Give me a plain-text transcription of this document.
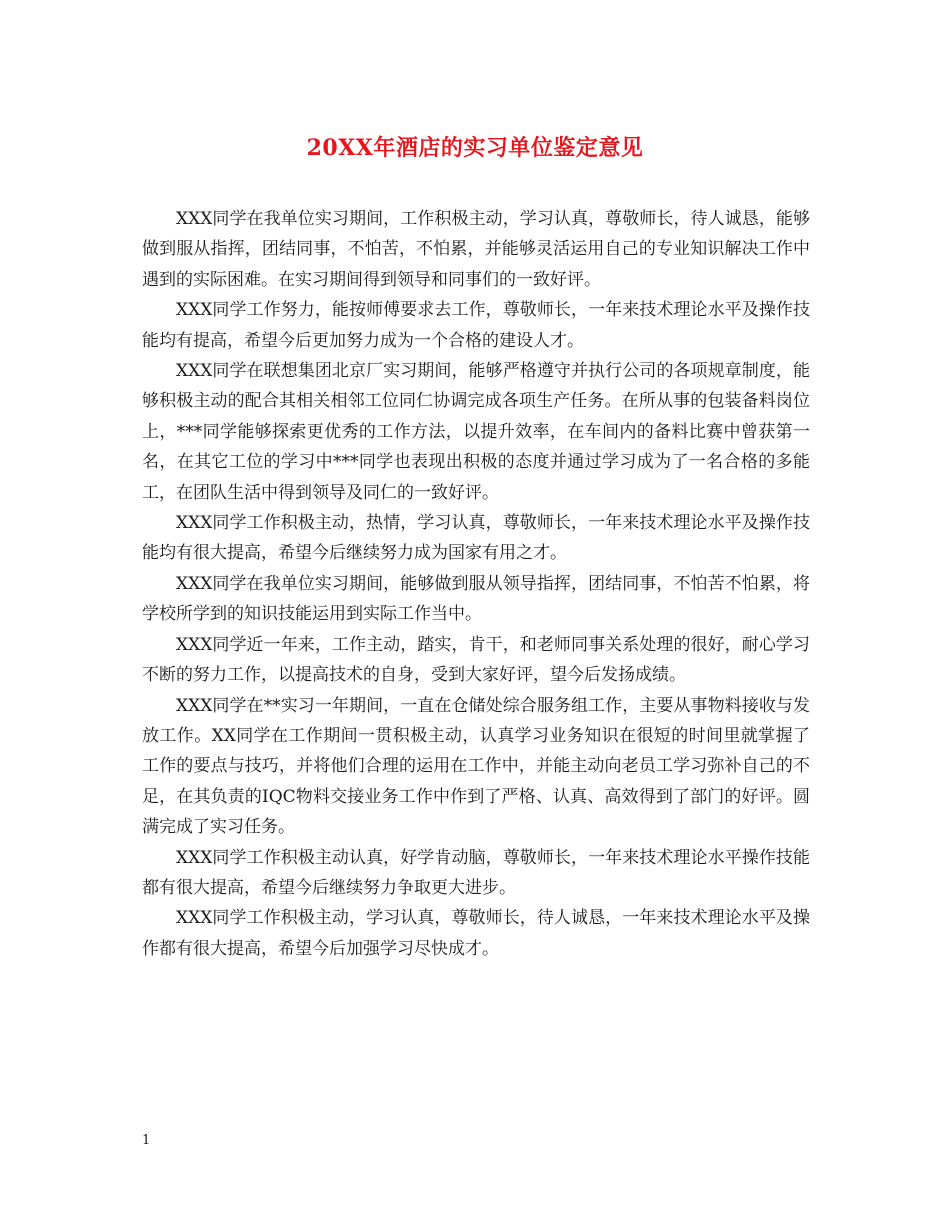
20XX年酒店的实习单位鉴定意见

XXX同学在我单位实习期间，工作积极主动，学习认真，尊敬师长，待人诚恳，能够做到服从指挥，团结同事，不怕苦，不怕累，并能够灵活运用自己的专业知识解决工作中遇到的实际困难。在实习期间得到领导和同事们的一致好评。

XXX同学工作努力，能按师傅要求去工作，尊敬师长，一年来技术理论水平及操作技能均有提高，希望今后更加努力成为一个合格的建设人才。

XXX同学在联想集团北京厂实习期间，能够严格遵守并执行公司的各项规章制度，能够积极主动的配合其相关相邻工位同仁协调完成各项生产任务。在所从事的包装备料岗位上，***同学能够探索更优秀的工作方法，以提升效率，在车间内的备料比赛中曾获第一名，在其它工位的学习中***同学也表现出积极的态度并通过学习成为了一名合格的多能工，在团队生活中得到领导及同仁的一致好评。

XXX同学工作积极主动，热情，学习认真，尊敬师长，一年来技术理论水平及操作技能均有很大提高，希望今后继续努力成为国家有用之才。

XXX同学在我单位实习期间，能够做到服从领导指挥，团结同事，不怕苦不怕累，将学校所学到的知识技能运用到实际工作当中。

XXX同学近一年来，工作主动，踏实，肯干，和老师同事关系处理的很好，耐心学习不断的努力工作，以提高技术的自身，受到大家好评，望今后发扬成绩。

XXX同学在**实习一年期间，一直在仓储处综合服务组工作，主要从事物料接收与发放工作。XX同学在工作期间一贯积极主动，认真学习业务知识在很短的时间里就掌握了工作的要点与技巧，并将他们合理的运用在工作中，并能主动向老员工学习弥补自己的不足，在其负责的IQC物料交接业务工作中作到了严格、认真、高效得到了部门的好评。圆满完成了实习任务。

XXX同学工作积极主动认真，好学肯动脑，尊敬师长，一年来技术理论水平操作技能都有很大提高，希望今后继续努力争取更大进步。

XXX同学工作积极主动，学习认真，尊敬师长，待人诚恳，一年来技术理论水平及操作都有很大提高，希望今后加强学习尽快成才。

1
